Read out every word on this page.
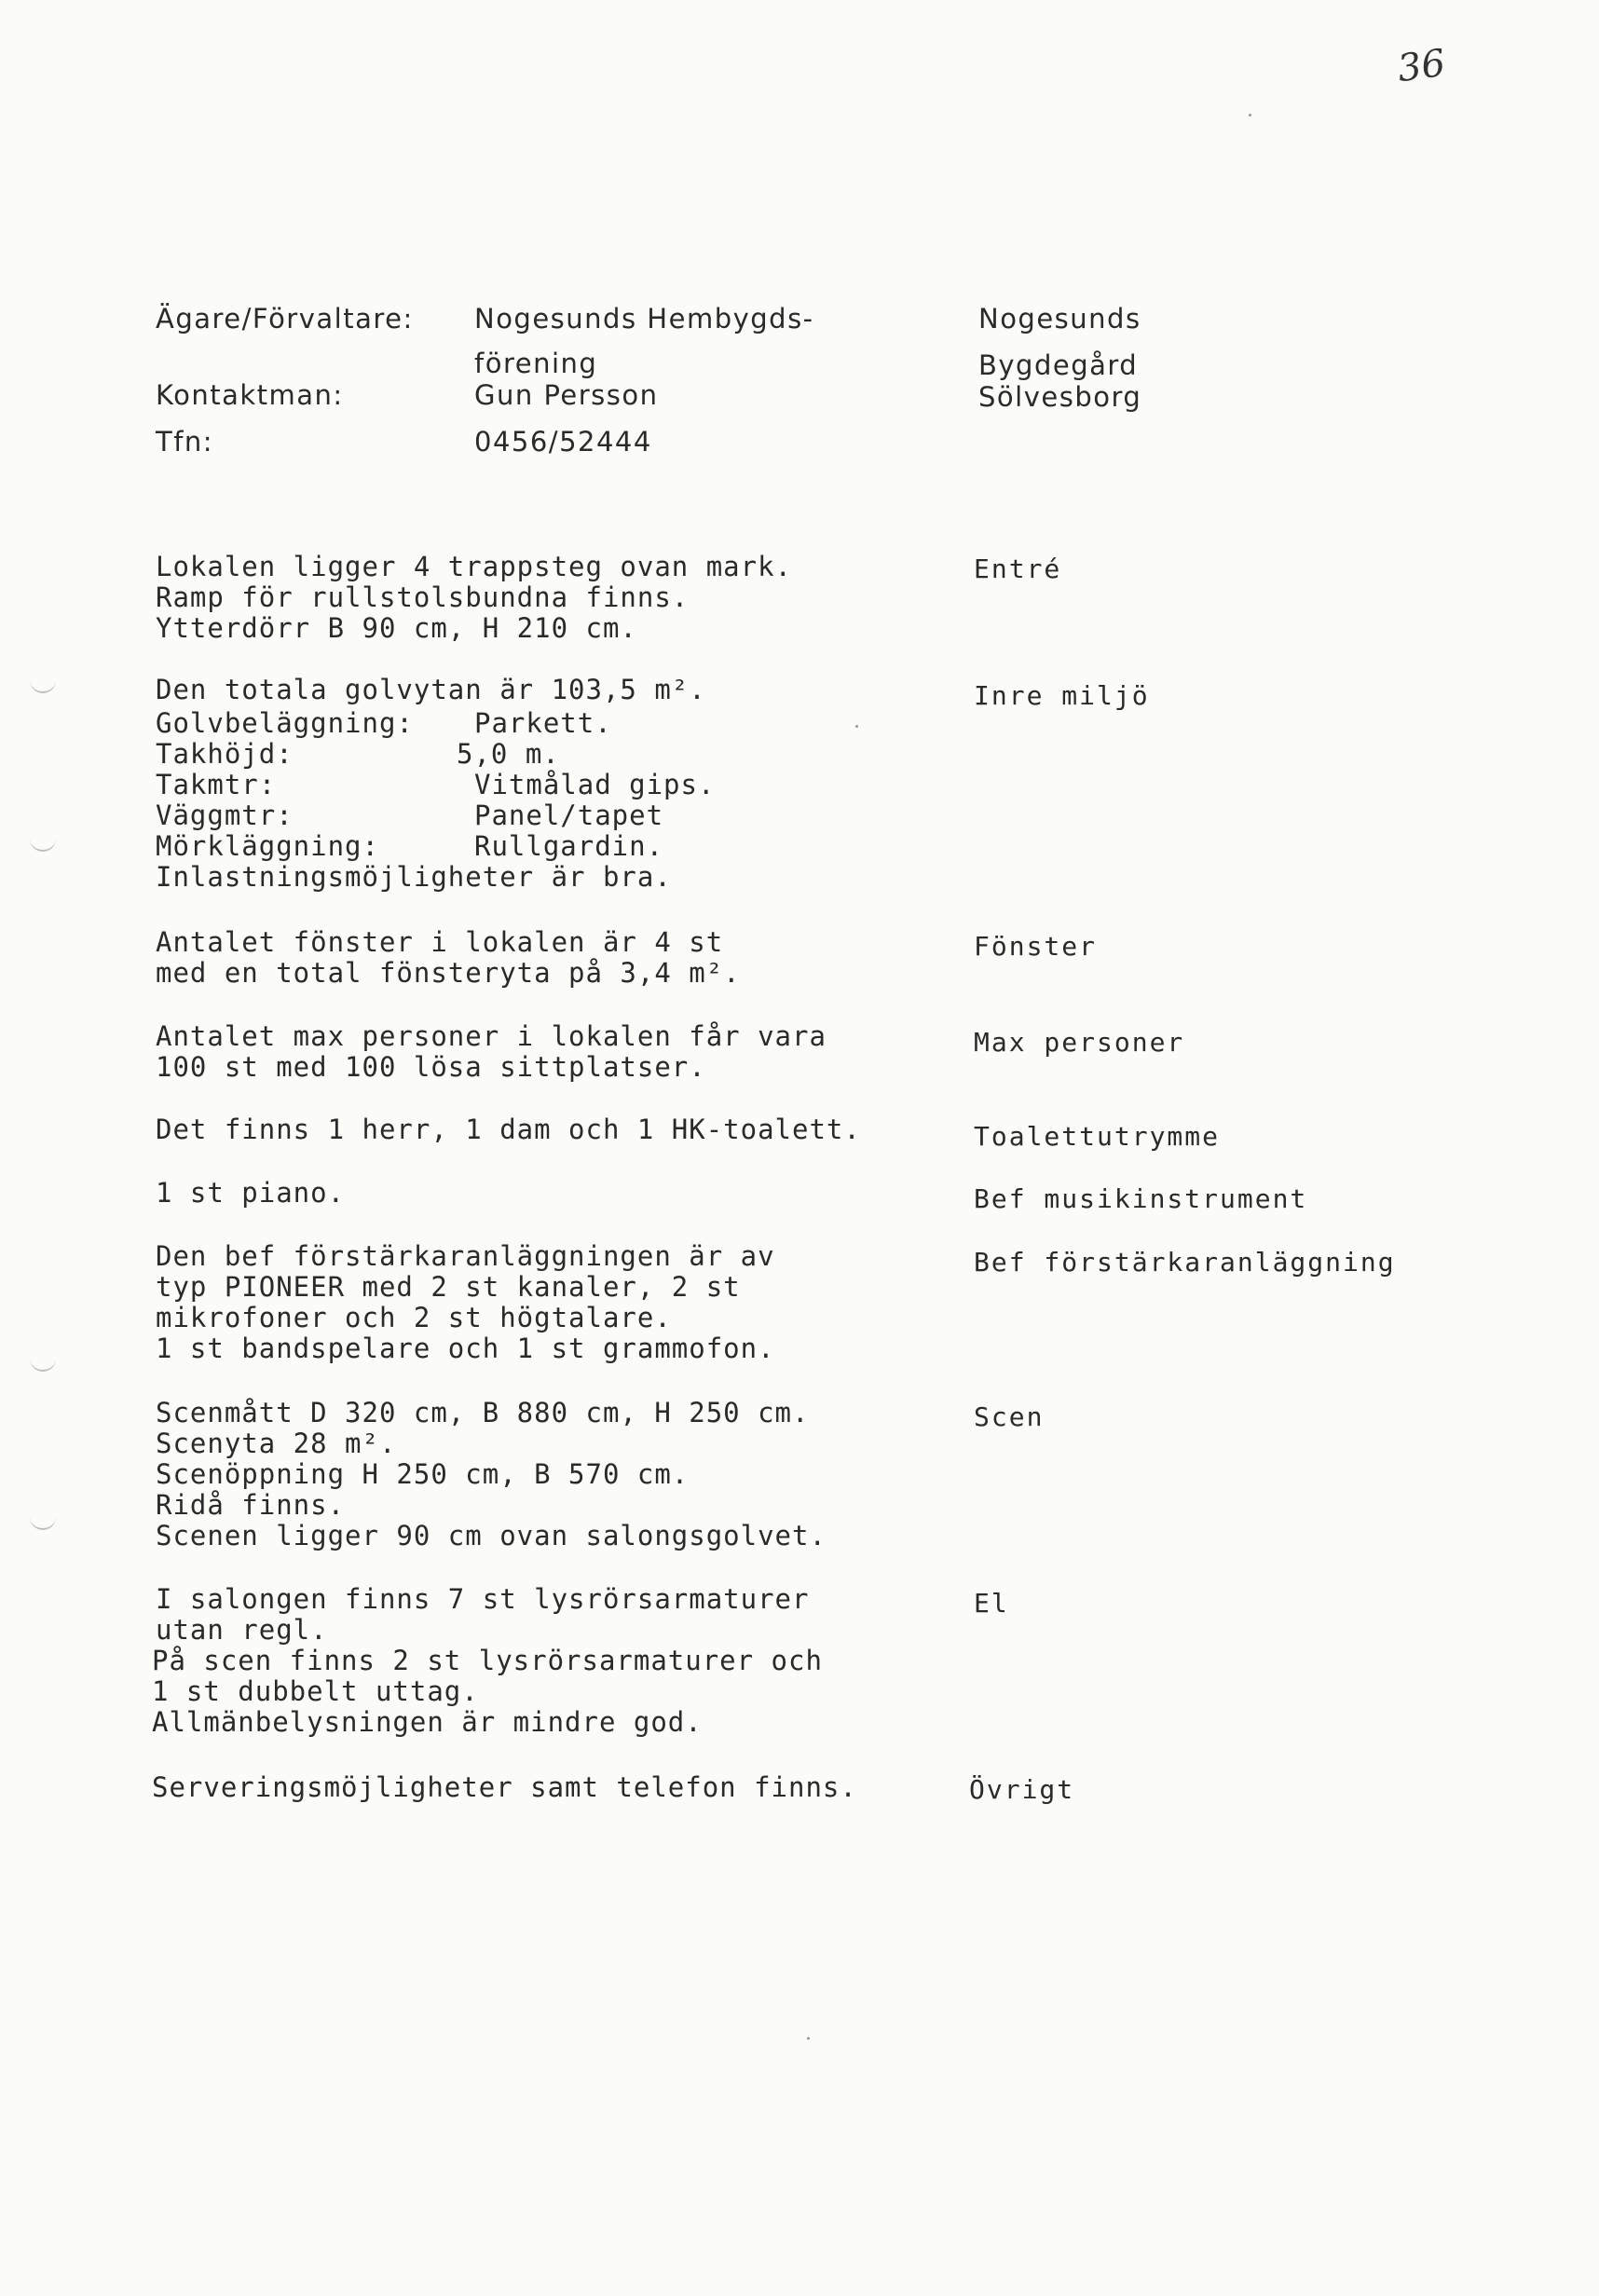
36
Ägare/Förvaltare: Nogesunds Hembygds-
förening
Kontaktman:	Gun Persson
Tfn:	0456/52444
Nogesunds
Bygdegård
Sölvesborg
Lokalen ligger 4 trappsteg ovan mark.
Ramp för rullstolsbundna finns.
Ytterdörr B 90 cm, H 210 cm.
Entré
Den totala golvytan är 103,5 m².
Golvbeläggning: Parkett.
Takhöjd:	5,0 m.
Takmtr:	Vitmålad gips.
Väggmtr:	Panel/tapet
Mörkläggning:	Rullgardin.
Inlastningsmöjligheter är bra.
Inre miljö
Antalet fönster i lokalen är 4 st
med en total fönsteryta på 3,4 m².
Fönster
Antalet max personer i lokalen får vara
100 st med 100 lösa sittplatser.
Max personer
Det finns 1 herr, 1 dam och 1 HK-toalett.	Toalettutrymme
1 st piano.	Bef musikinstrument
Den bef förstärkaranläggningen är av
typ PIONEER med 2 st kanaler, 2 st
mikrofoner och 2 st högtalare.
1 st bandspelare och 1 st grammofon.
Bef förstärkaranläggning
Scenmått D 320 cm, B 880 cm, H 250 cm.
Scenyta 28 m².
Scenöppning H 250 cm, B 570 cm.
Ridå finns.
Scenen ligger 90 cm ovan salongsgolvet.
Scen
I salongen finns 7 st lysrörsarmaturer
utan regl.
På scen finns 2 st lysrörsarmaturer och
1 st dubbelt uttag.
Allmänbelysningen är mindre god.
El
Serveringsmöjligheter samt telefon finns.	Övrigt
